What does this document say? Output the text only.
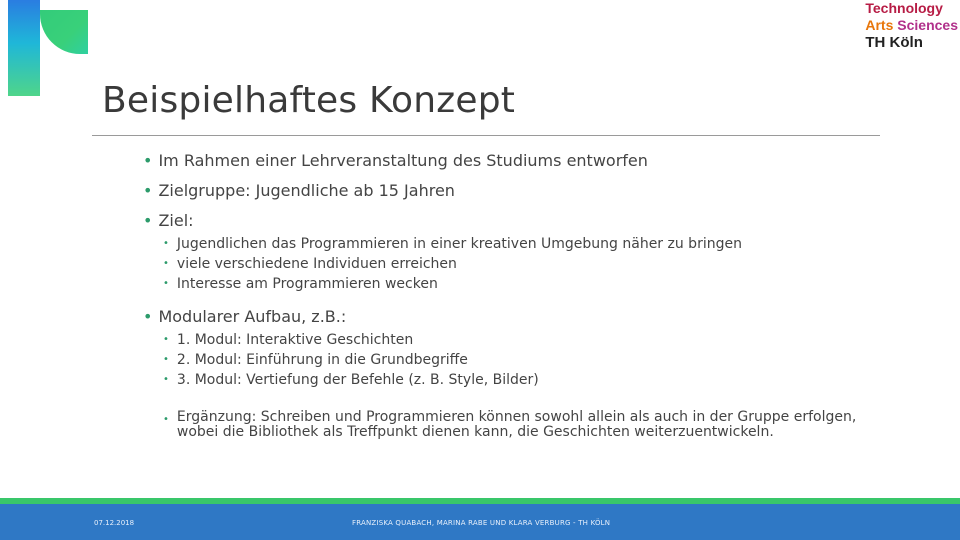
Technology
Arts Sciences
TH Köln
Beispielhaftes Konzept
• Im Rahmen einer Lehrveranstaltung des Studiums entworfen
• Zielgruppe: Jugendliche ab 15 Jahren
• Ziel:
• Jugendlichen das Programmieren in einer kreativen Umgebung näher zu bringen
• viele verschiedene Individuen erreichen
• Interesse am Programmieren wecken
• Modularer Aufbau, z.B.:
• 1. Modul: Interaktive Geschichten
• 2. Modul: Einführung in die Grundbegriffe
• 3. Modul: Vertiefung der Befehle (z. B. Style, Bilder)
• Ergänzung: Schreiben und Programmieren können sowohl allein als auch in der Gruppe erfolgen, wobei die Bibliothek als Treffpunkt dienen kann, die Geschichten weiterzuentwickeln.
07.12.2018	FRANZISKA QUABACH, MARINA RABE UND KLARA VERBURG - TH KÖLN
